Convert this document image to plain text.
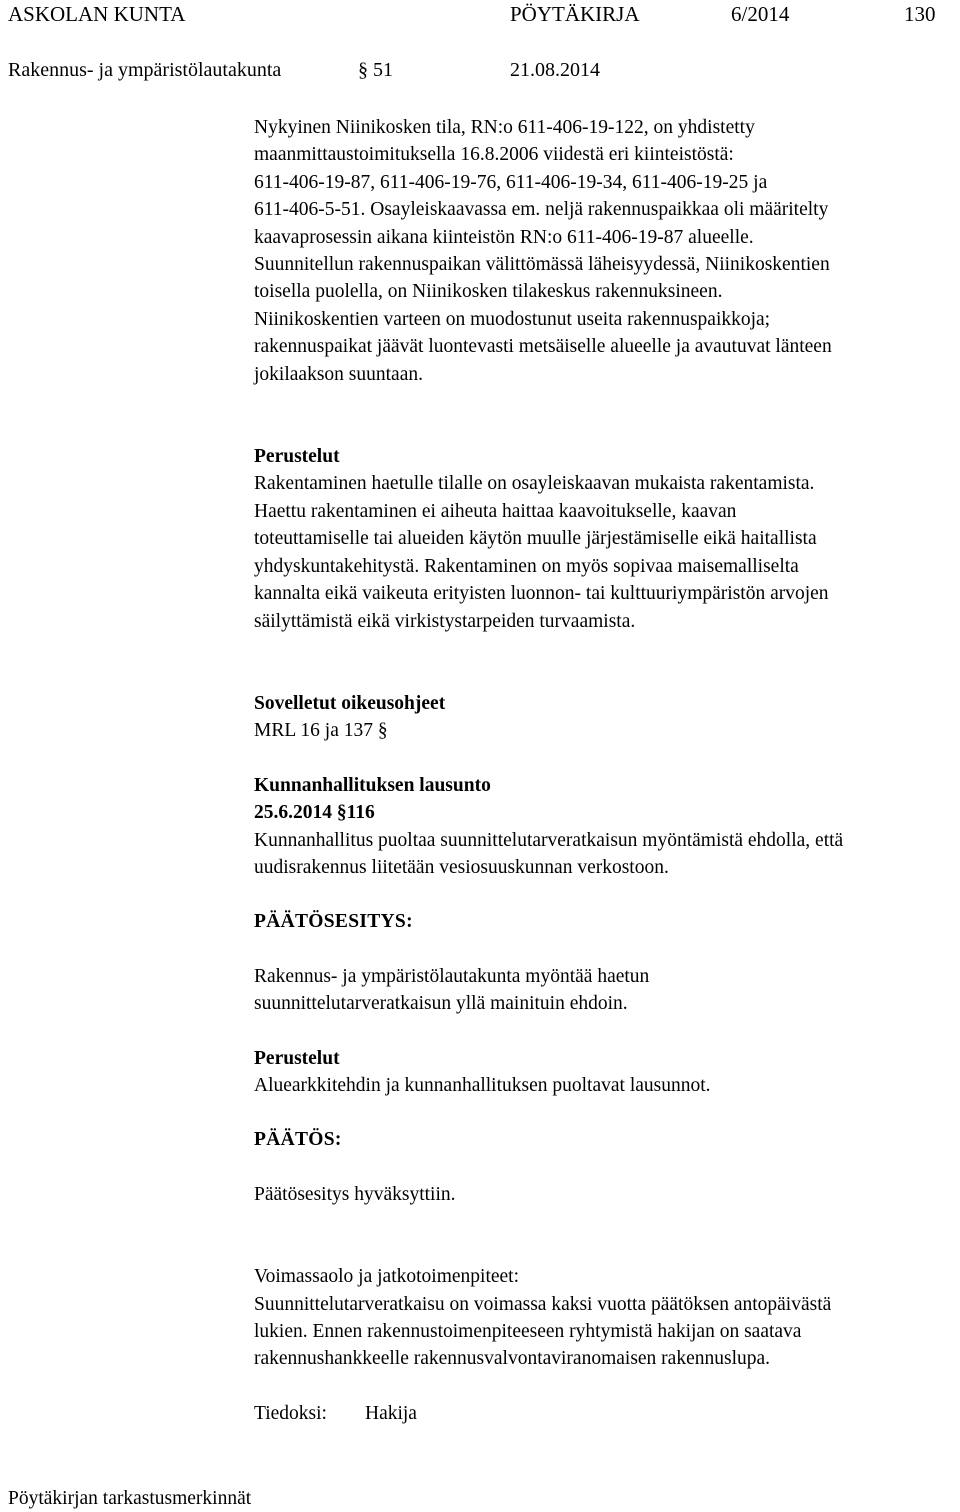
ASKOLAN KUNTA	PÖYTÄKIRJA	6/2014	130
Rakennus- ja ympäristölautakunta	§ 51	21.08.2014

Nykyinen Niinikosken tila, RN:o 611-406-19-122, on yhdistetty

maanmittaustoimituksella 16.8.2006 viidestä eri kiinteistöstä:

611-406-19-87, 611-406-19-76, 611-406-19-34, 611-406-19-25 ja

611-406-5-51. Osayleiskaavassa em. neljä rakennuspaikkaa oli määritelty

kaavaprosessin aikana kiinteistön RN:o 611-406-19-87 alueelle.

Suunnitellun rakennuspaikan välittömässä läheisyydessä, Niinikoskentien

toisella puolella, on Niinikosken tilakeskus rakennuksineen.

Niinikoskentien varteen on muodostunut useita rakennuspaikkoja;

rakennuspaikat jäävät luontevasti metsäiselle alueelle ja avautuvat länteen

jokilaakson suuntaan.

Perustelut

Rakentaminen haetulle tilalle on osayleiskaavan mukaista rakentamista.

Haettu rakentaminen ei aiheuta haittaa kaavoitukselle, kaavan

toteuttamiselle tai alueiden käytön muulle järjestämiselle eikä haitallista

yhdyskuntakehitystä. Rakentaminen on myös sopivaa maisemalliselta

kannalta eikä vaikeuta erityisten luonnon- tai kulttuuriympäristön arvojen

säilyttämistä eikä virkistystarpeiden turvaamista.

Sovelletut oikeusohjeet

MRL 16 ja 137 §

Kunnanhallituksen lausunto

25.6.2014 §116

Kunnanhallitus puoltaa suunnittelutarveratkaisun myöntämistä ehdolla, että

uudisrakennus liitetään vesiosuuskunnan verkostoon.

PÄÄTÖSESITYS:

Rakennus- ja ympäristölautakunta myöntää haetun

suunnittelutarveratkaisun yllä mainituin ehdoin.

Perustelut

Aluearkkitehdin ja kunnanhallituksen puoltavat lausunnot.

PÄÄTÖS:

Päätösesitys hyväksyttiin.

Voimassaolo ja jatkotoimenpiteet:

Suunnittelutarveratkaisu on voimassa kaksi vuotta päätöksen antopäivästä

lukien. Ennen rakennustoimenpiteeseen ryhtymistä hakijan on saatava

rakennushankkeelle rakennusvalvontaviranomaisen rakennuslupa.

Tiedoksi: Hakija

Pöytäkirjan tarkastusmerkinnät
